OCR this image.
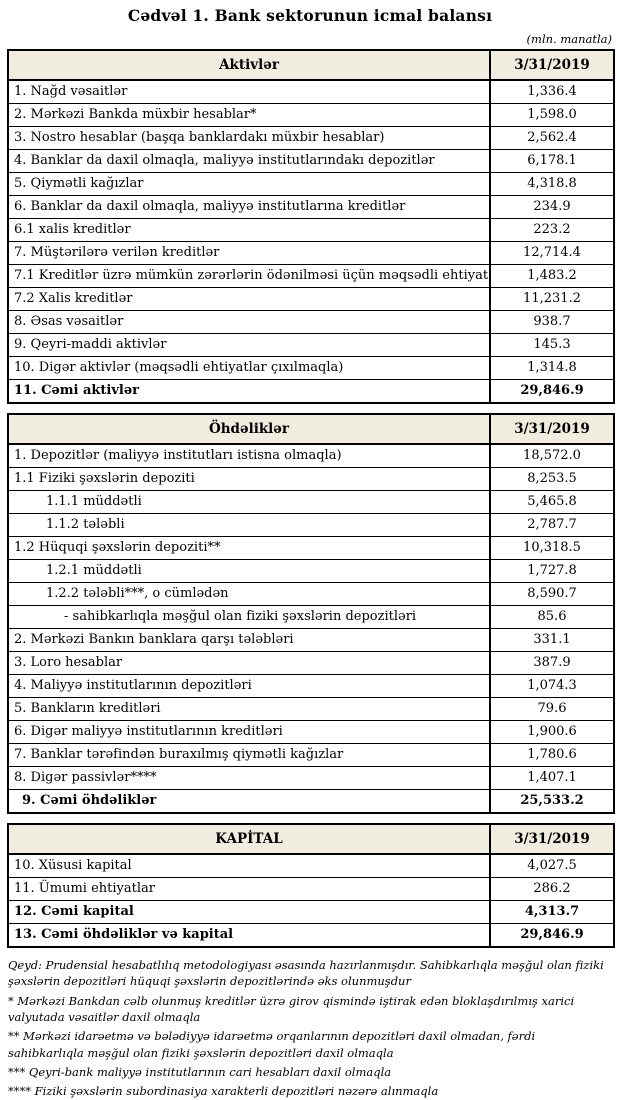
Cədvəl 1. Bank sektorunun icmal balansı
(mln. manatla)
Aktivlər	3/31/2019
1. Nağd vəsaitlər	1,336.4
2. Mərkəzi Bankda müxbir hesablar*	1,598.0
3. Nostro hesablar (başqa banklardakı müxbir hesablar)	2,562.4
4. Banklar da daxil olmaqla, maliyyə institutlarındakı depozitlər	6,178.1
5. Qiymətli kağızlar	4,318.8
6. Banklar da daxil olmaqla, maliyyə institutlarına kreditlər	234.9
6.1 xalis kreditlər	223.2
7. Müştərilərə verilən kreditlər	12,714.4
7.1 Kreditlər üzrə mümkün zərərlərin ödənilməsi üçün məqsədli ehtiyat	1,483.2
7.2 Xalis kreditlər	11,231.2
8. Əsas vəsaitlər	938.7
9. Qeyri-maddi aktivlər	145.3
10. Digər aktivlər (məqsədli ehtiyatlar çıxılmaqla)	1,314.8
11. Cəmi aktivlər	29,846.9
Öhdəliklər	3/31/2019
1. Depozitlər (maliyyə institutları istisna olmaqla)	18,572.0
1.1 Fiziki şəxslərin depoziti	8,253.5
1.1.1 müddətli	5,465.8
1.1.2 tələbli	2,787.7
1.2 Hüquqi şəxslərin depoziti**	10,318.5
1.2.1 müddətli	1,727.8
1.2.2 tələbli***, o cümlədən	8,590.7
- sahibkarlıqla məşğul olan fiziki şəxslərin depozitləri	85.6
2. Mərkəzi Bankın banklara qarşı tələbləri	331.1
3. Loro hesablar	387.9
4. Maliyyə institutlarının depozitləri	1,074.3
5. Bankların kreditləri	79.6
6. Digər maliyyə institutlarının kreditləri	1,900.6
7. Banklar tərəfindən buraxılmış qiymətli kağızlar	1,780.6
8. Digər passivlər****	1,407.1
9. Cəmi öhdəliklər	25,533.2
KAPİTAL	3/31/2019
10. Xüsusi kapital	4,027.5
11. Ümumi ehtiyatlar	286.2
12. Cəmi kapital	4,313.7
13. Cəmi öhdəliklər və kapital	29,846.9

Qeyd: Prudensial hesabatlılıq metodologiyası əsasında hazırlanmışdır. Sahibkarlıqla məşğul olan fiziki şəxslərin depozitləri hüquqi şəxslərin depozitlərində əks olunmuşdur

* Mərkəzi Bankdan cəlb olunmuş kreditlər üzrə girov qismində iştirak edən bloklaşdırılmış xarici valyutada vəsaitlər daxil olmaqla

** Mərkəzi idarəetmə və bələdiyyə idarəetmə orqanlarının depozitləri daxil olmadan, fərdi sahibkarlıqla məşğul olan fiziki şəxslərin depozitləri daxil olmaqla

*** Qeyri-bank maliyyə institutlarının cari hesabları daxil olmaqla

**** Fiziki şəxslərin subordinasiya xarakterli depozitləri nəzərə alınmaqla
